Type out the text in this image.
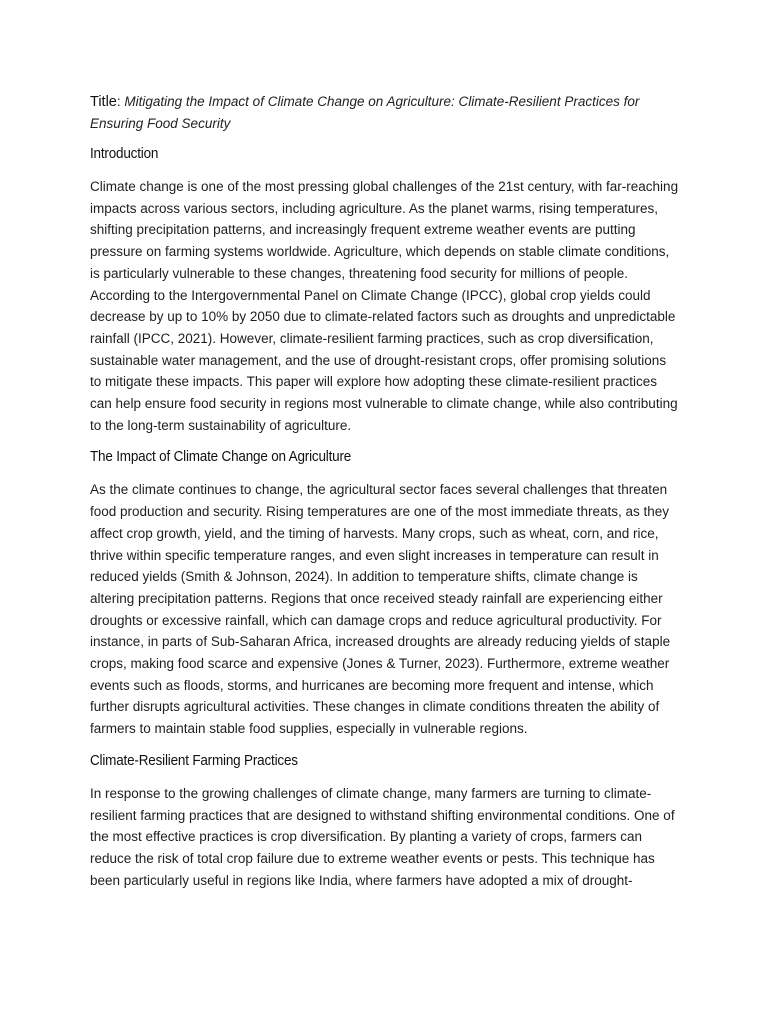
Title: Mitigating the Impact of Climate Change on Agriculture: Climate-Resilient Practices for Ensuring Food Security
Introduction

Climate change is one of the most pressing global challenges of the 21st century, with far-reaching impacts across various sectors, including agriculture. As the planet warms, rising temperatures, shifting precipitation patterns, and increasingly frequent extreme weather events are putting pressure on farming systems worldwide. Agriculture, which depends on stable climate conditions, is particularly vulnerable to these changes, threatening food security for millions of people. According to the Intergovernmental Panel on Climate Change (IPCC), global crop yields could decrease by up to 10% by 2050 due to climate-related factors such as droughts and unpredictable rainfall (IPCC, 2021). However, climate-resilient farming practices, such as crop diversification, sustainable water management, and the use of drought-resistant crops, offer promising solutions to mitigate these impacts. This paper will explore how adopting these climate-resilient practices can help ensure food security in regions most vulnerable to climate change, while also contributing to the long-term sustainability of agriculture.

The Impact of Climate Change on Agriculture

As the climate continues to change, the agricultural sector faces several challenges that threaten food production and security. Rising temperatures are one of the most immediate threats, as they affect crop growth, yield, and the timing of harvests. Many crops, such as wheat, corn, and rice, thrive within specific temperature ranges, and even slight increases in temperature can result in reduced yields (Smith & Johnson, 2024). In addition to temperature shifts, climate change is altering precipitation patterns. Regions that once received steady rainfall are experiencing either droughts or excessive rainfall, which can damage crops and reduce agricultural productivity. For instance, in parts of Sub-Saharan Africa, increased droughts are already reducing yields of staple crops, making food scarce and expensive (Jones & Turner, 2023). Furthermore, extreme weather events such as floods, storms, and hurricanes are becoming more frequent and intense, which further disrupts agricultural activities. These changes in climate conditions threaten the ability of farmers to maintain stable food supplies, especially in vulnerable regions.

Climate-Resilient Farming Practices

In response to the growing challenges of climate change, many farmers are turning to climate-resilient farming practices that are designed to withstand shifting environmental conditions. One of the most effective practices is crop diversification. By planting a variety of crops, farmers can reduce the risk of total crop failure due to extreme weather events or pests. This technique has been particularly useful in regions like India, where farmers have adopted a mix of drought-
